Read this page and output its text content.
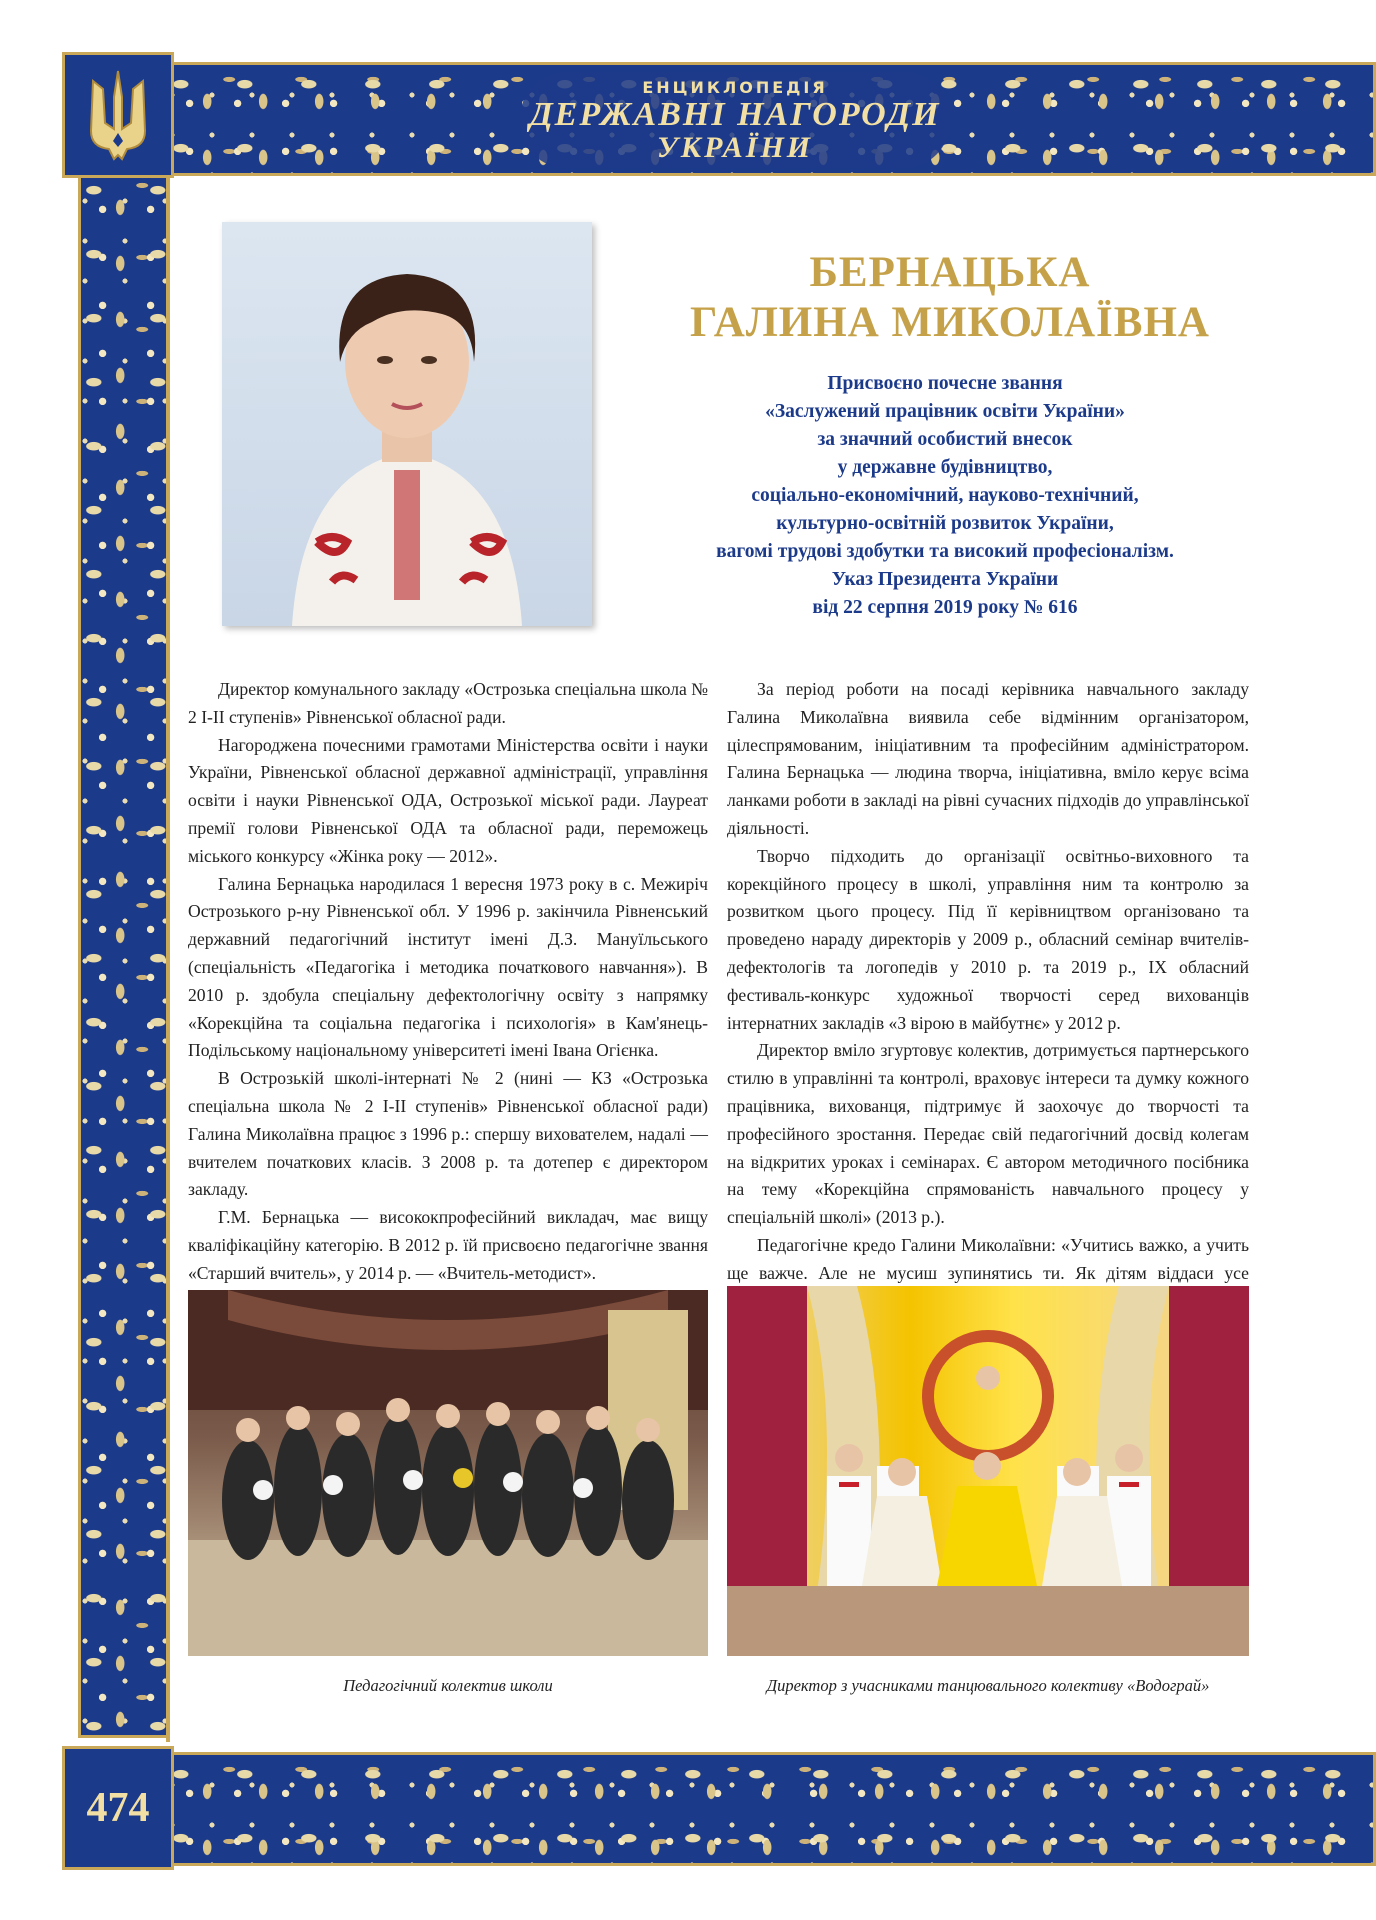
ЕНЦИКЛОПЕДІЯ
ДЕРЖАВНІ НАГОРОДИ
УКРАЇНИ
474
БЕРНАЦЬКА
ГАЛИНА МИКОЛАЇВНА
Присвоєно почесне звання
«Заслужений працівник освіти України»
за значний особистий внесок
у державне будівництво,
соціально-економічний, науково-технічний,
культурно-освітній розвиток України,
вагомі трудові здобутки та високий професіоналізм.
Указ Президента України
від 22 серпня 2019 року № 616

Директор комунального закладу «Острозька спеціальна школа № 2 І-ІІ ступенів» Рівненської обласної ради.

Нагороджена почесними грамотами Міністерства освіти і науки України, Рівненської обласної державної адміністрації, управління освіти і науки Рівненської ОДА, Острозької міської ради. Лауреат премії голови Рівненської ОДА та обласної ради, переможець міського конкурсу «Жінка року — 2012».

Галина Бернацька народилася 1 вересня 1973 року в с. Межиріч Острозького р-ну Рівненської обл. У 1996 р. закінчила Рівненський державний педагогічний інститут імені Д.З. Мануїльського (спеціальність «Педагогіка і методика початкового навчання»). В 2010 р. здобула спеціальну дефектологічну освіту з напрямку «Корекційна та соціальна педагогіка і психологія» в Кам'янець-Подільському національному університеті імені Івана Огієнка.

В Острозькій школі-інтернаті № 2 (нині — КЗ «Острозька спеціальна школа № 2 І-ІІ ступенів» Рівненської обласної ради) Галина Миколаївна працює з 1996 р.: спершу вихователем, надалі — вчителем початкових класів. З 2008 р. та дотепер є директором закладу.

Г.М. Бернацька — висококпрофесійний викладач, має вищу кваліфікаційну категорію. В 2012 р. їй присвоєно педагогічне звання «Старший вчитель», у 2014 р. — «Вчитель-методист».

За період роботи на посаді керівника навчального закладу Галина Миколаївна виявила себе відмінним організатором, цілеспрямованим, ініціативним та професійним адміністратором. Галина Бернацька — людина творча, ініціативна, вміло керує всіма ланками роботи в закладі на рівні сучасних підходів до управлінської діяльності.

Творчо підходить до організації освітньо-виховного та корекційного процесу в школі, управління ним та контролю за розвитком цього процесу. Під її керівництвом організовано та проведено нараду директорів у 2009 р., обласний семінар вчителів-дефектологів та логопедів у 2010 р. та 2019 р., ІХ обласний фестиваль-конкурс художньої творчості серед вихованців інтернатних закладів «З вірою в майбутнє» у 2012 р.

Директор вміло згуртовує колектив, дотримується партнерського стилю в управлінні та контролі, враховує інтереси та думку кожного працівника, вихованця, підтримує й заохочує до творчості та професійного зростання. Передає свій педагогічний досвід колегам на відкритих уроках і семінарах. Є автором методичного посібника на тему «Корекційна спрямованість навчального процесу у спеціальній школі» (2013 р.).

Педагогічне кредо Галини Миколаївни: «Учитись важко, а учить ще важче. Але не мусиш зупинятись ти. Як дітям віддаси усе

Педагогічний колектив школи	Директор з учасниками танцювального колективу «Водограй»
